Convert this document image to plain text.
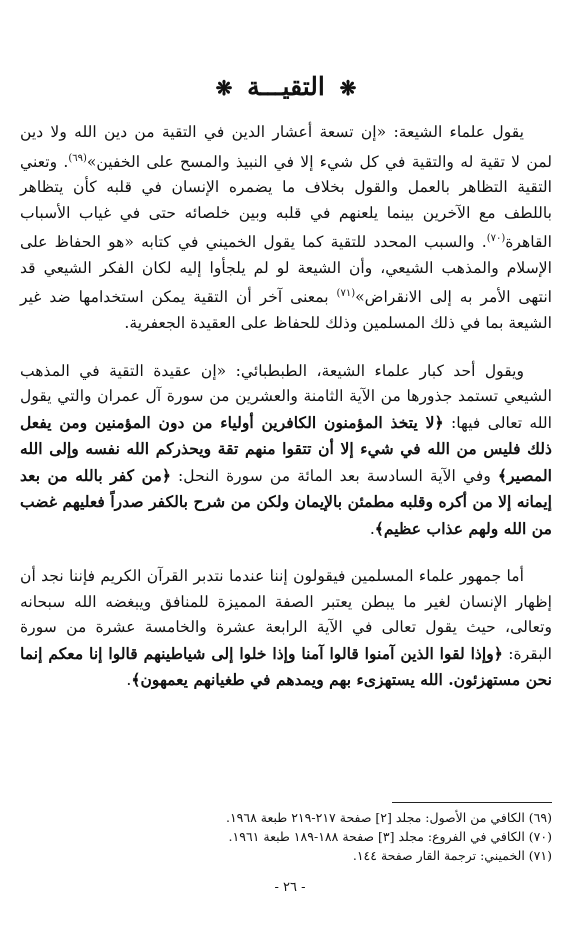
❋ التقيـــة ❋

يقول علماء الشيعة: «إن تسعة أعشار الدين في التقية من دين الله ولا دين لمن لا تقية له والتقية في كل شيء إلا في النبيذ والمسح على الخفين»$^{(٦٩)}$. وتعني التقية التظاهر بالعمل والقول بخلاف ما يضمره الإنسان في قلبه كأن يتظاهر باللطف مع الآخرين بينما يلعنهم في قلبه وبين خلصائه حتى في غياب الأسباب القاهرة$^{(٧٠)}$. والسبب المحدد للتقية كما يقول الخميني في كتابه «هو الحفاظ على الإسلام والمذهب الشيعي، وأن الشيعة لو لم يلجأوا إليه لكان الفكر الشيعي قد انتهى الأمر به إلى الانقراض»$^{(٧١)}$ بمعنى آخر أن التقية يمكن استخدامها ضد غير الشيعة بما في ذلك المسلمين وذلك للحفاظ على العقيدة الجعفرية.

ويقول أحد كبار علماء الشيعة، الطبطبائي: «إن عقيدة التقية في المذهب الشيعي تستمد جذورها من الآية الثامنة والعشرين من سورة آل عمران والتي يقول الله تعالى فيها: ﴿لا يتخذ المؤمنون الكافرين أولياء من دون المؤمنين ومن يفعل ذلك فليس من الله في شيء إلا أن تتقوا منهم تقة ويحذركم الله نفسه وإلى الله المصير﴾ وفي الآية السادسة بعد المائة من سورة النحل: ﴿من كفر بالله من بعد إيمانه إلا من أكره وقلبه مطمئن بالإيمان ولكن من شرح بالكفر صدراً فعليهم غضب من الله ولهم عذاب عظيم﴾.

أما جمهور علماء المسلمين فيقولون إننا عندما نتدبر القرآن الكريم فإننا نجد أن إظهار الإنسان لغير ما يبطن يعتبر الصفة المميزة للمنافق ويبغضه الله سبحانه وتعالى، حيث يقول تعالى في الآية الرابعة عشرة والخامسة عشرة من سورة البقرة: ﴿وإذا لقوا الذين آمنوا قالوا آمنا وإذا خلوا إلى شياطينهم قالوا إنا معكم إنما نحن مستهزئون. الله يستهزىء بهم ويمدهم في طغيانهم يعمهون﴾.

(٦٩) الكافي من الأصول: مجلد [٢] صفحة ٢١٧-٢١٩ طبعة ١٩٦٨.

(٧٠) الكافي في الفروع: مجلد [٣] صفحة ١٨٨-١٨٩ طبعة ١٩٦١.

(٧١) الخميني: ترجمة القار صفحة ١٤٤.

- ٢٦ -
